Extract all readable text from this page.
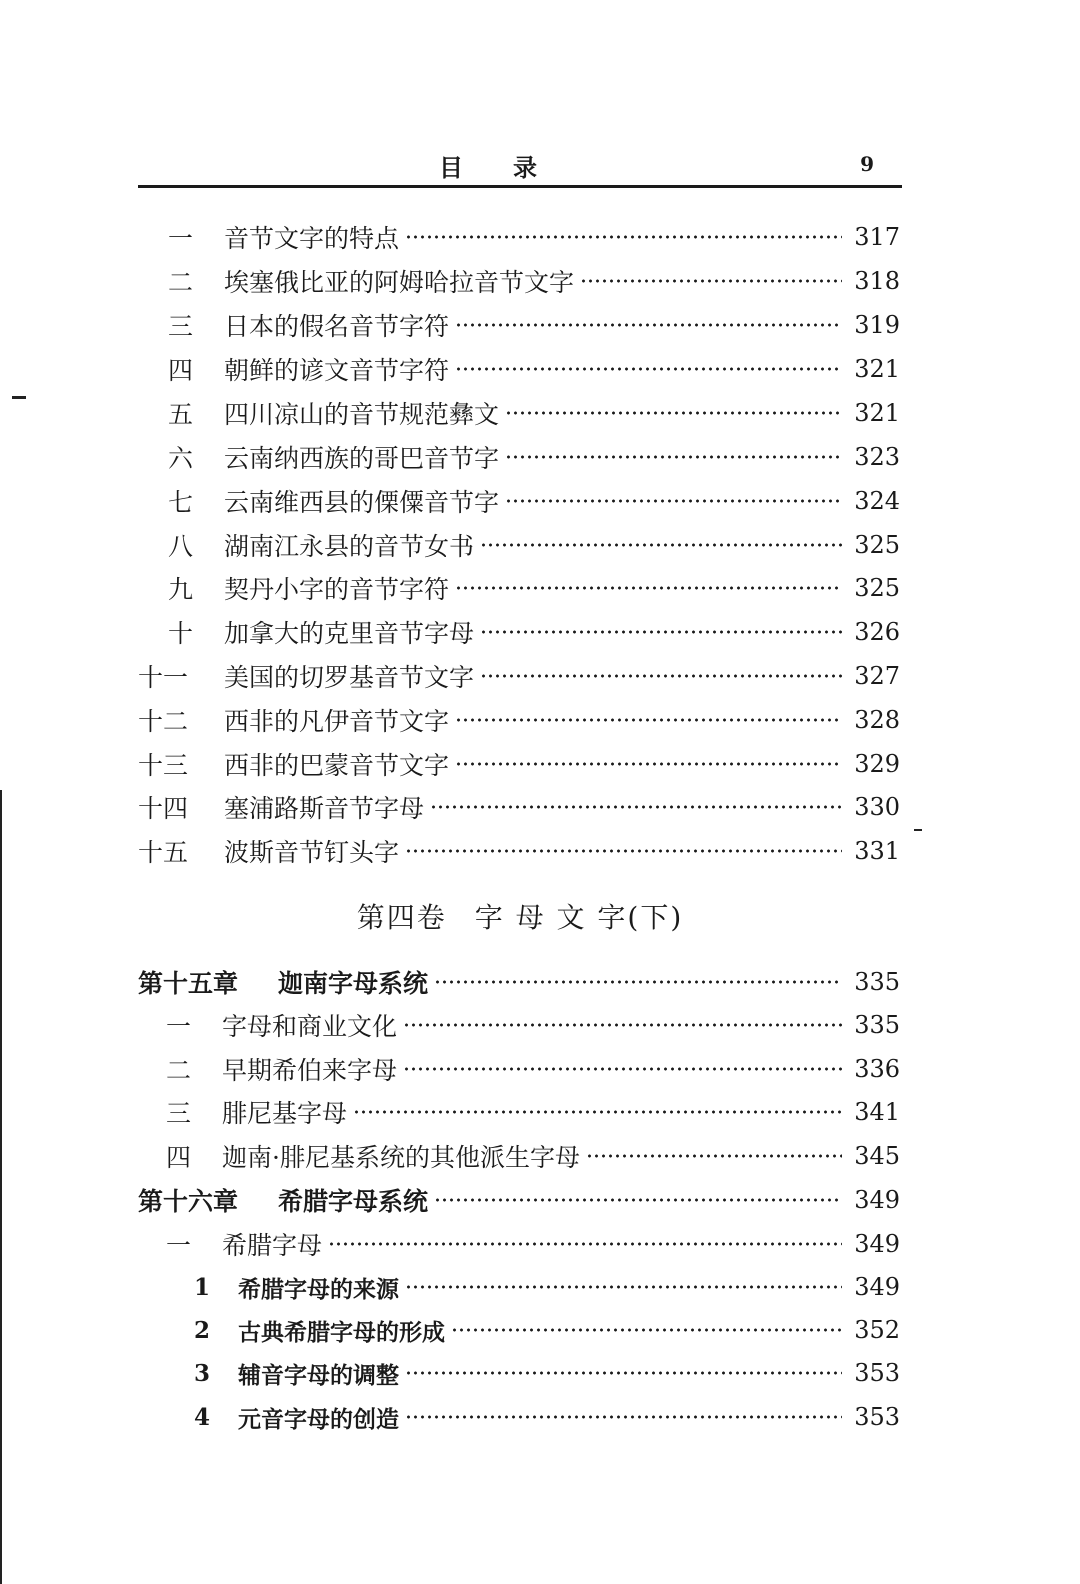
目录	9
一 音节文字的特点	317
二 埃塞俄比亚的阿姆哈拉音节文字	318
三 日本的假名音节字符	319
四 朝鲜的谚文音节字符	321
五 四川凉山的音节规范彝文	321
六 云南纳西族的哥巴音节字	323
七 云南维西县的傈僳音节字	324
八 湖南江永县的音节女书	325
九 契丹小字的音节字符	325
十 加拿大的克里音节字母	326
十一 美国的切罗基音节文字	327
十二 西非的凡伊音节文字	328
十三 西非的巴蒙音节文字	329
十四 塞浦路斯音节字母	330
十五 波斯音节钉头字	331
第四卷 字 母 文 字(下)
第十五章 迦南字母系统	335
一 字母和商业文化	335
二 早期希伯来字母	336
三 腓尼基字母	341
四 迦南·腓尼基系统的其他派生字母	345
第十六章 希腊字母系统	349
一 希腊字母	349
1 希腊字母的来源	349
2 古典希腊字母的形成	352
3 辅音字母的调整	353
4 元音字母的创造	353
